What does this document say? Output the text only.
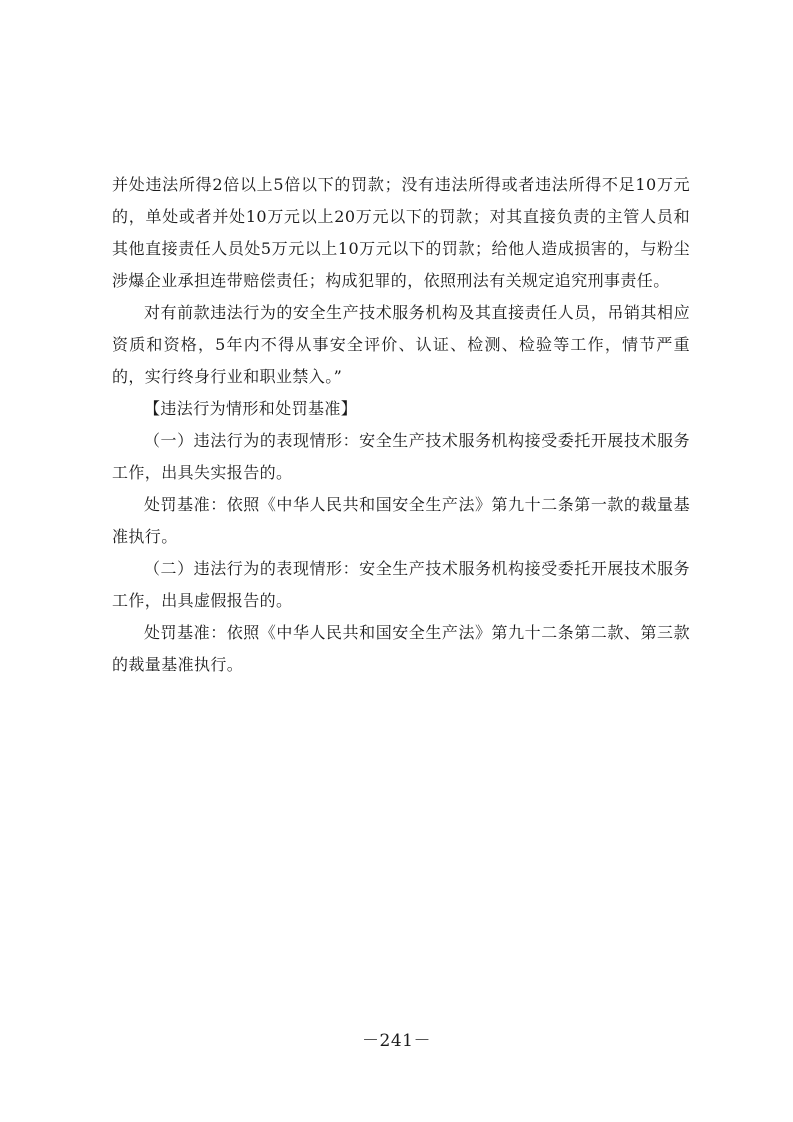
并处违法所得2倍以上5倍以下的罚款；没有违法所得或者违法所得不足10万元的，单处或者并处10万元以上20万元以下的罚款；对其直接负责的主管人员和其他直接责任人员处5万元以上10万元以下的罚款；给他人造成损害的，与粉尘涉爆企业承担连带赔偿责任；构成犯罪的，依照刑法有关规定追究刑事责任。

对有前款违法行为的安全生产技术服务机构及其直接责任人员，吊销其相应资质和资格，5年内不得从事安全评价、认证、检测、检验等工作，情节严重的，实行终身行业和职业禁入。”

【违法行为情形和处罚基准】

（一）违法行为的表现情形：安全生产技术服务机构接受委托开展技术服务工作，出具失实报告的。

处罚基准：依照《中华人民共和国安全生产法》第九十二条第一款的裁量基准执行。

（二）违法行为的表现情形：安全生产技术服务机构接受委托开展技术服务工作，出具虚假报告的。

处罚基准：依照《中华人民共和国安全生产法》第九十二条第二款、第三款的裁量基准执行。

－241－
